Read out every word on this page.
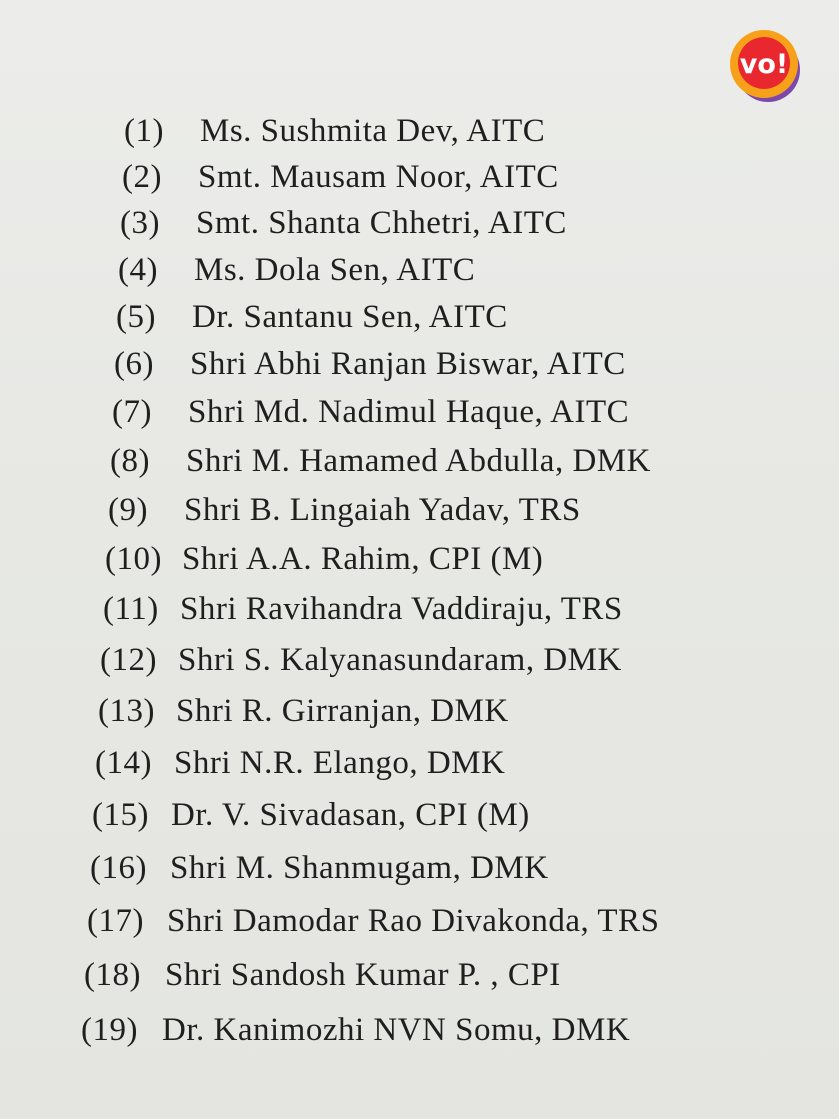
vo!
(1) Ms. Sushmita Dev, AITC
(2) Smt. Mausam Noor, AITC
(3) Smt. Shanta Chhetri, AITC
(4) Ms. Dola Sen, AITC
(5) Dr. Santanu Sen, AITC
(6) Shri Abhi Ranjan Biswar, AITC
(7) Shri Md. Nadimul Haque, AITC
(8) Shri M. Hamamed Abdulla, DMK
(9) Shri B. Lingaiah Yadav, TRS
(10) Shri A.A. Rahim, CPI (M)
(11) Shri Ravihandra Vaddiraju, TRS
(12) Shri S. Kalyanasundaram, DMK
(13) Shri R. Girranjan, DMK
(14) Shri N.R. Elango, DMK
(15) Dr. V. Sivadasan, CPI (M)
(16) Shri M. Shanmugam, DMK
(17) Shri Damodar Rao Divakonda, TRS
(18) Shri Sandosh Kumar P. , CPI
(19) Dr. Kanimozhi NVN Somu, DMK
